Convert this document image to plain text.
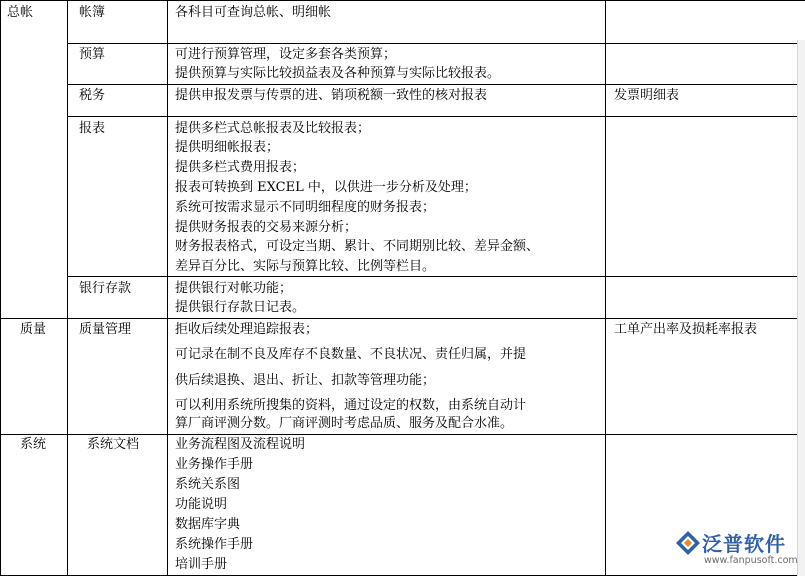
总帐
质量
系统
帐簿
预算
税务
报表
银行存款
质量管理
系统文档
各科目可查询总帐、明细帐
可进行预算管理，设定多套各类预算；
提供预算与实际比较损益表及各种预算与实际比较报表。
提供申报发票与传票的进、销项税额一致性的核对报表
提供多栏式总帐报表及比较报表；
提供明细帐报表；
提供多栏式费用报表；
报表可转换到 EXCEL 中，以供进一步分析及处理；
系统可按需求显示不同明细程度的财务报表；
提供财务报表的交易来源分析；
财务报表格式，可设定当期、累计、不同期别比较、差异金额、
差异百分比、实际与预算比较、比例等栏目。
提供银行对帐功能；
提供银行存款日记表。
拒收后续处理追踪报表；
可记录在制不良及库存不良数量、不良状况、责任归属，并提
供后续退换、退出、折让、扣款等管理功能；
可以利用系统所搜集的资料，通过设定的权数，由系统自动计
算厂商评测分数。厂商评测时考虑品质、服务及配合水准。
业务流程图及流程说明
业务操作手册
系统关系图
功能说明
数据库字典
系统操作手册
培训手册
发票明细表
工单产出率及损耗率报表
泛普软件
www.fanpusoft.com
